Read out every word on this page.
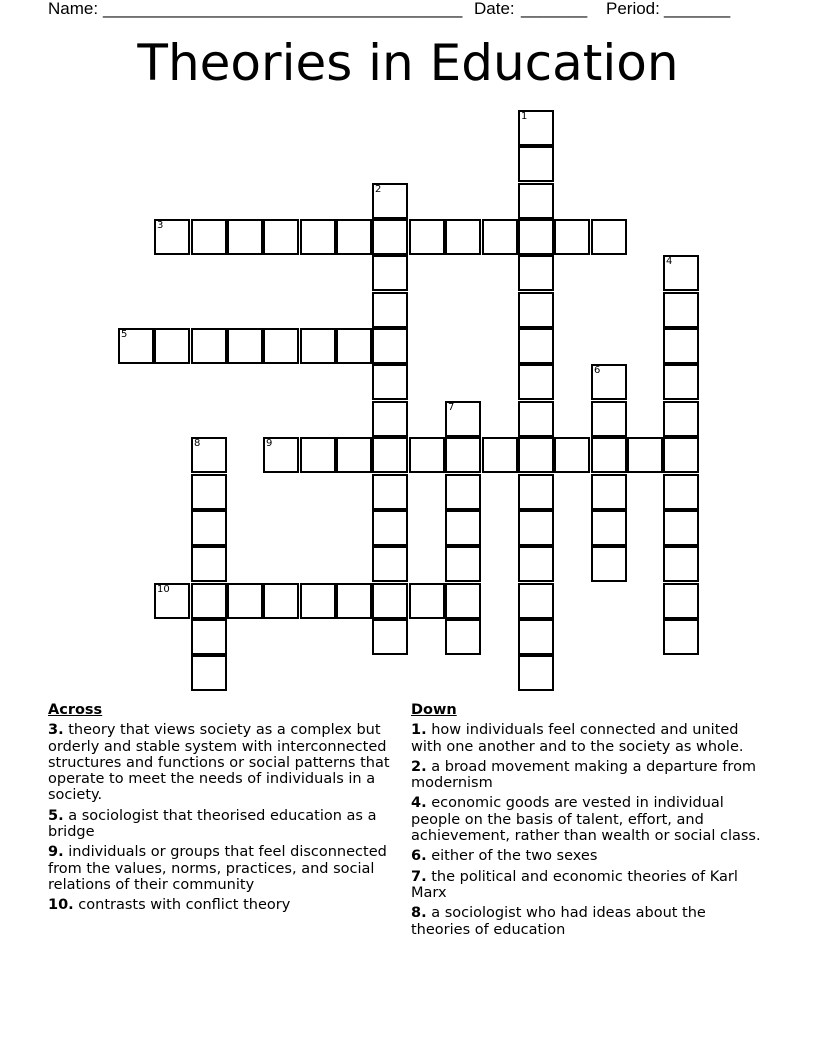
Name: ______________________________________ Date: _______ Period: _______
Theories in Education
1
2
3
4
5
6
7
8	9
10
Across
3. theory that views society as a complex but orderly and stable system with interconnected structures and functions or social patterns that operate to meet the needs of individuals in a society.
5. a sociologist that theorised education as a bridge
9. individuals or groups that feel disconnected from the values, norms, practices, and social relations of their community
10. contrasts with conflict theory
Down
1. how individuals feel connected and united with one another and to the society as whole.
2. a broad movement making a departure from modernism
4. economic goods are vested in individual people on the basis of talent, effort, and achievement, rather than wealth or social class.
6. either of the two sexes
7. the political and economic theories of Karl Marx
8. a sociologist who had ideas about the theories of education
